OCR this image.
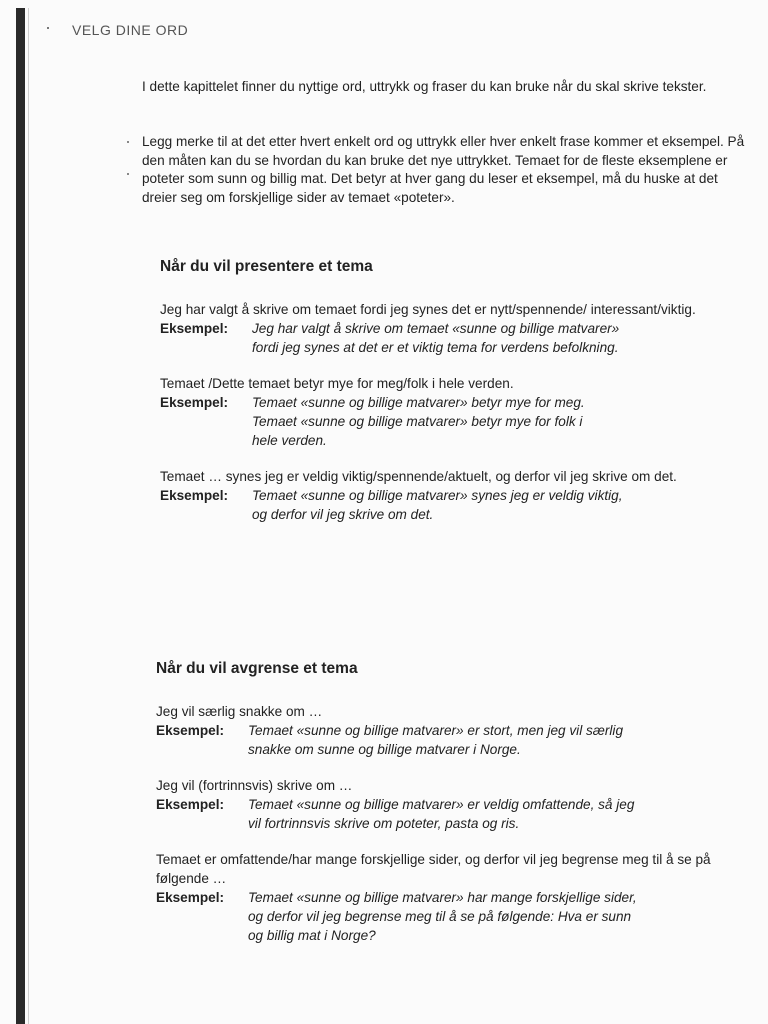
VELG DINE ORD

I dette kapittelet finner du nyttige ord, uttrykk og fraser du kan bruke når du skal skrive tekster.

Legg merke til at det etter hvert enkelt ord og uttrykk eller hver enkelt frase kommer et eksempel. På den måten kan du se hvordan du kan bruke det nye uttrykket. Temaet for de fleste eksemplene er poteter som sunn og billig mat. Det betyr at hver gang du leser et eksempel, må du huske at det dreier seg om forskjellige sider av temaet «poteter».

Når du vil presentere et tema

Jeg har valgt å skrive om temaet fordi jeg synes det er nytt/spennende/ interessant/viktig.

Eksempel:	Jeg har valgt å skrive om temaet «sunne og billige matvarer»
fordi jeg synes at det er et viktig tema for verdens befolkning.

Temaet /Dette temaet betyr mye for meg/folk i hele verden.

Eksempel:	Temaet «sunne og billige matvarer» betyr mye for meg.
Temaet «sunne og billige matvarer» betyr mye for folk i
hele verden.

Temaet … synes jeg er veldig viktig/spennende/aktuelt, og derfor vil jeg skrive om det.

Eksempel:	Temaet «sunne og billige matvarer» synes jeg er veldig viktig,
og derfor vil jeg skrive om det.
Når du vil avgrense et tema

Jeg vil særlig snakke om …

Eksempel:	Temaet «sunne og billige matvarer» er stort, men jeg vil særlig
snakke om sunne og billige matvarer i Norge.

Jeg vil (fortrinnsvis) skrive om …

Eksempel:	Temaet «sunne og billige matvarer» er veldig omfattende, så jeg
vil fortrinnsvis skrive om poteter, pasta og ris.

Temaet er omfattende/har mange forskjellige sider, og derfor vil jeg begrense meg til å se på følgende …

Eksempel:	Temaet «sunne og billige matvarer» har mange forskjellige sider,
og derfor vil jeg begrense meg til å se på følgende: Hva er sunn
og billig mat i Norge?
